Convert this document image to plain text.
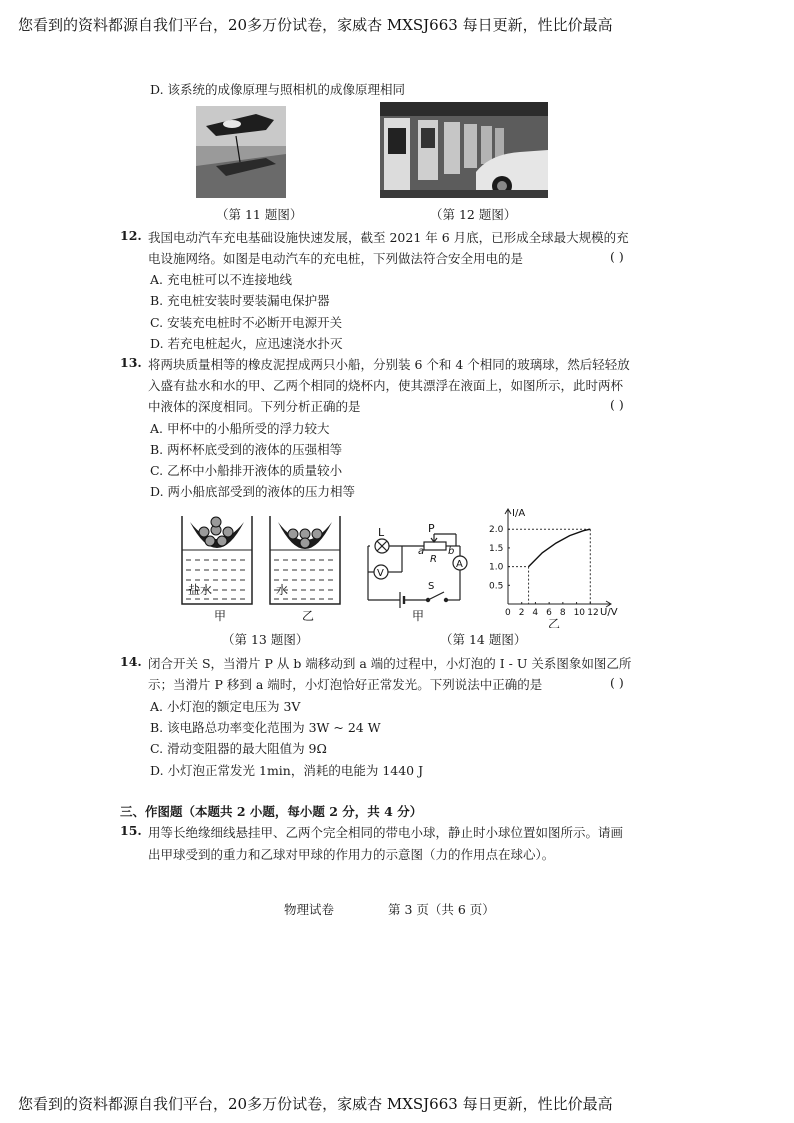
您看到的资料都源自我们平台，20多万份试卷，家威杏 MXSJ663 每日更新，性比价最高
您看到的资料都源自我们平台，20多万份试卷，家威杏 MXSJ663 每日更新，性比价最高
D. 该系统的成像原理与照相机的成像原理相同
（第 11 题图）	（第 12 题图）
12. 我国电动汽车充电基础设施快速发展，截至 2021 年 6 月底，已形成全球最大规模的充
电设施网络。如图是电动汽车的充电桩，下列做法符合安全用电的是	( )
A. 充电桩可以不连接地线
B. 充电桩安装时要装漏电保护器
C. 安装充电桩时不必断开电源开关
D. 若充电桩起火，应迅速浇水扑灭
13. 将两块质量相等的橡皮泥捏成两只小船，分别装 6 个和 4 个相同的玻璃球，然后轻轻放
入盛有盐水和水的甲、乙两个相同的烧杯内，使其漂浮在液面上，如图所示，此时两杯
中液体的深度相同。下列分析正确的是	( )
A. 甲杯中的小船所受的浮力较大
B. 两杯杯底受到的液体的压强相等
C. 乙杯中小船排开液体的质量较小
D. 两小船底部受到的液体的压力相等
盐水	水
甲	乙
（第 13 题图）
L	P
a b
R
V
A
S
甲	0 2 4 6 8 10 12
0.5
1.0
1.5
2.0
I/A
U/V
乙
（第 14 题图）
14. 闭合开关 S，当滑片 P 从 b 端移动到 a 端的过程中，小灯泡的 I - U 关系图象如图乙所
示；当滑片 P 移到 a 端时，小灯泡恰好正常发光。下列说法中正确的是	( )
A. 小灯泡的额定电压为 3V
B. 该电路总功率变化范围为 3W ~ 24 W
C. 滑动变阻器的最大阻值为 9Ω
D. 小灯泡正常发光 1min，消耗的电能为 1440 J
三、作图题（本题共 2 小题，每小题 2 分，共 4 分）
15. 用等长绝缘细线悬挂甲、乙两个完全相同的带电小球，静止时小球位置如图所示。请画
出甲球受到的重力和乙球对甲球的作用力的示意图（力的作用点在球心）。
物理试卷	第 3 页（共 6 页）
